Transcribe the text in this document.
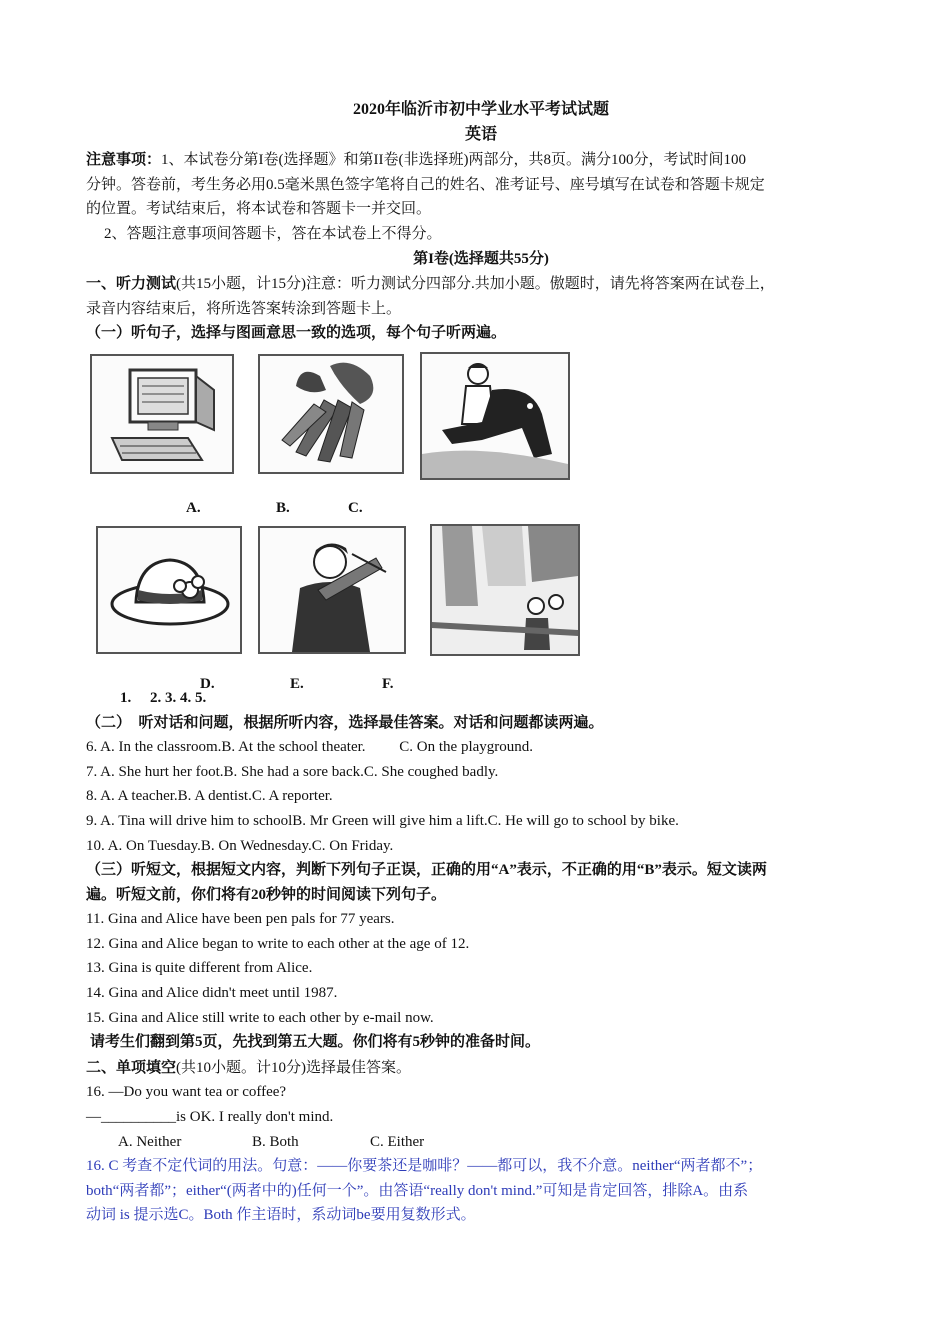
2020年临沂市初中学业水平考试试题
英语
注意事项：1、本试卷分第I卷(选择题》和第II卷(非选择班)两部分，共8页。满分100分，考试时间100
分钟。答卷前，考生务必用0.5毫米黑色签字笔将自己的姓名、准考证号、座号填写在试卷和答题卡规定
的位置。考试结束后，将本试卷和答题卡一并交回。
2、答题注意事项间答题卡，答在本试卷上不得分。
第I卷(选择题共55分)
一、听力测试(共15小题，计15分)注意：听力测试分四部分.共加小题。傲题时，请先将答案两在试卷上，
录音内容结束后，将所选答案转涂到答题卡上。
（一）听句子，选择与图画意思一致的选项，每个句子听两遍。
A.	B.	C.
D.	E.	F.
1.     2. 3. 4. 5.
（二）  听对话和问题，根据所听内容，选择最佳答案。对话和问题都读两遍。
6. A. In the classroom.B. At the school theater.         C. On the playground.
7. A. She hurt her foot.B. She had a sore back.C. She coughed badly.
8. A. A teacher.B. A dentist.C. A reporter.
9. A. Tina will drive him to schoolB. Mr Green will give him a lift.C. He will go to school by bike.
10. A. On Tuesday.B. On Wednesday.C. On Friday.
（三）听短文，根据短文内容，判断下列句子正误，正确的用“A”表示，不正确的用“B”表示。短文读两
遍。听短文前，你们将有20秒钟的时间阅读下列句子。
11. Gina and Alice have been pen pals for 77 years.
12. Gina and Alice began to write to each other at the age of 12.
13. Gina is quite different from Alice.
14. Gina and Alice didn't meet until 1987.
15. Gina and Alice still write to each other by e-mail now.
请考生们翻到第5页，先找到第五大题。你们将有5秒钟的准备时间。
二、单项填空(共10小题。计10分)选择最佳答案。
16. —Do you want tea or coffee?
—__________is OK. I really don't mind.
A. Neither	B. Both	C. Either
16. C 考查不定代词的用法。句意：——你要茶还是咖啡？——都可以，我不介意。neither“两者都不”；
both“两者都”；either“(两者中的)任何一个”。由答语“really don't mind.”可知是肯定回答，排除A。由系
动词 is 提示选C。Both 作主语时，系动词be要用复数形式。
